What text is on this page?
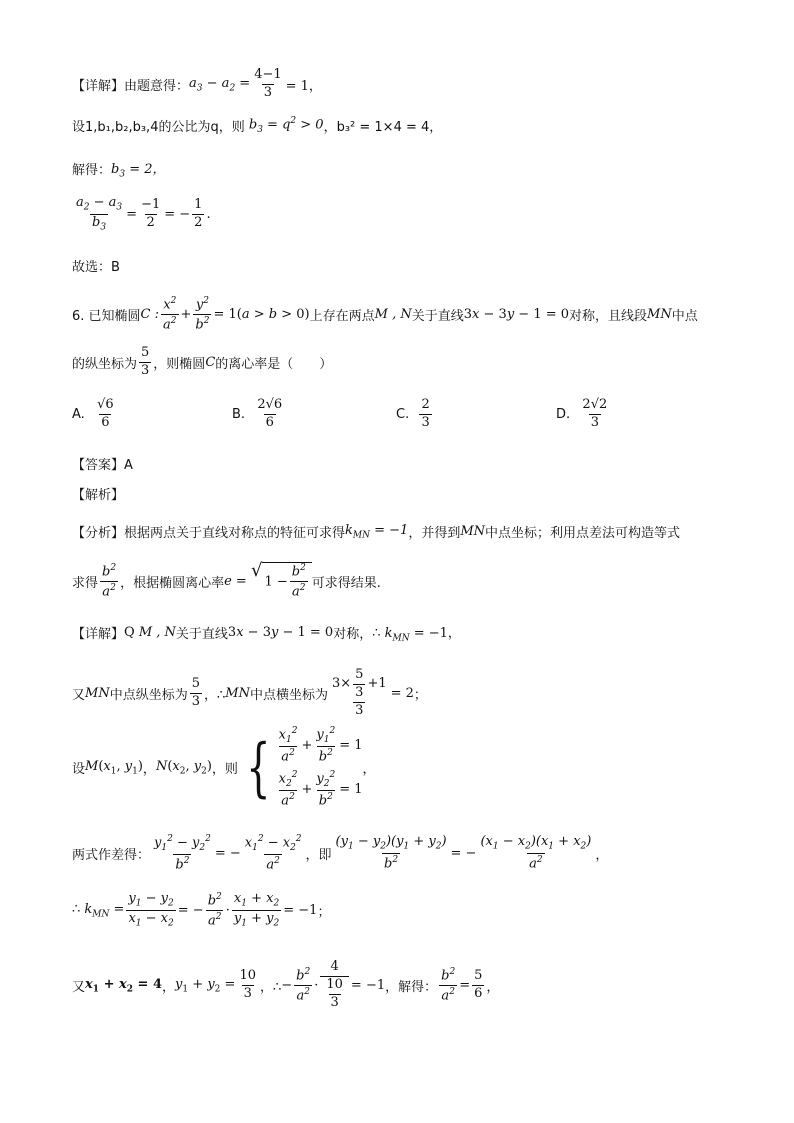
【详解】由题意得： $a_3 - a_2 = \frac{4-1}{3} = 1$，
设1,b₁,b₂,b₃,4的公比为q，则 $b_3 = q^2 > 0$ ，b₃² = 1×4 = 4，
解得： $b_3 = 2$，
$\frac{a_2 - a_3}{b_3} = \frac{-1}{2}$ = − $\frac{1}{2}$ .
故选：B
6. 已知椭圆 C : $\frac{x^2}{a^2} + \frac{y^2}{b^2} = 1(a > b > 0)$ 上存在两点 M , N 关于直线 3x − 3y − 1 = 0 对称，且线段 MN 中点
的纵坐标为 $\frac{5}{3}$ ，则椭圆 C 的离心率是（　　）
A.
$\frac{√6}{6}$	B.
$\frac{2√6}{6}$	C.
$\frac{2}{3}$	D.
$\frac{2√2}{3}$
【答案】A
【解析】
【分析】根据两点关于直线对称点的特征可求得 $k_{MN} = -1$ ，并得到 MN 中点坐标；利用点差法可构造等式
求得 $\frac{b^2}{a^2}$ ，根据椭圆离心率 e =
√
$1 - \frac{b^2}{a^2}$ 可求得结果.
【详解】 Q M , N 关于直线 3x − 3y − 1 = 0 对称， ∴ $k_{MN} = -1$，
又 MN 中点纵坐标为 $\frac{5}{3}$ ，∴ MN 中点横坐标为 $\frac{3\times \frac{5}{3} +1}{3} = 2$ ；
设 $M(x_1$, $y_1$) ， $N(x_2$, $y_2$) ，则 { $\frac{x_1^2}{a^2} + \frac{y_1^2}{b^2} = 1$
$\frac{x_2^2}{a^2} + \frac{y_2^2}{b^2} = 1$
，
两式作差得： $\frac{y_1^2 - y_2^2}{b^2}$ = − $\frac{x_1^2 - x_2^2}{a^2}$ ，即 $\frac{(y_1 - y_2)(y_1 + y_2)}{b^2}$ = − $\frac{(x_1 - x_2)(x_1 + x_2)}{a^2}$ ，
∴ $k_{MN} = \frac{y_1 - y_2}{x_1 - x_2}$ = − $\frac{b^2}{a^2} \cdot \frac{x_1 + x_2}{y_1 + y_2} = -1$ ；
又 $x_1 + x_2 = 4$ ， $y_1 + y_2 = \frac{10}{3}$ ，∴ − $\frac{b^2}{a^2} \cdot \frac{4}{\frac{10}{3}} = -1$ ，解得： $\frac{b^2}{a^2} = \frac{5}{6}$ ，
